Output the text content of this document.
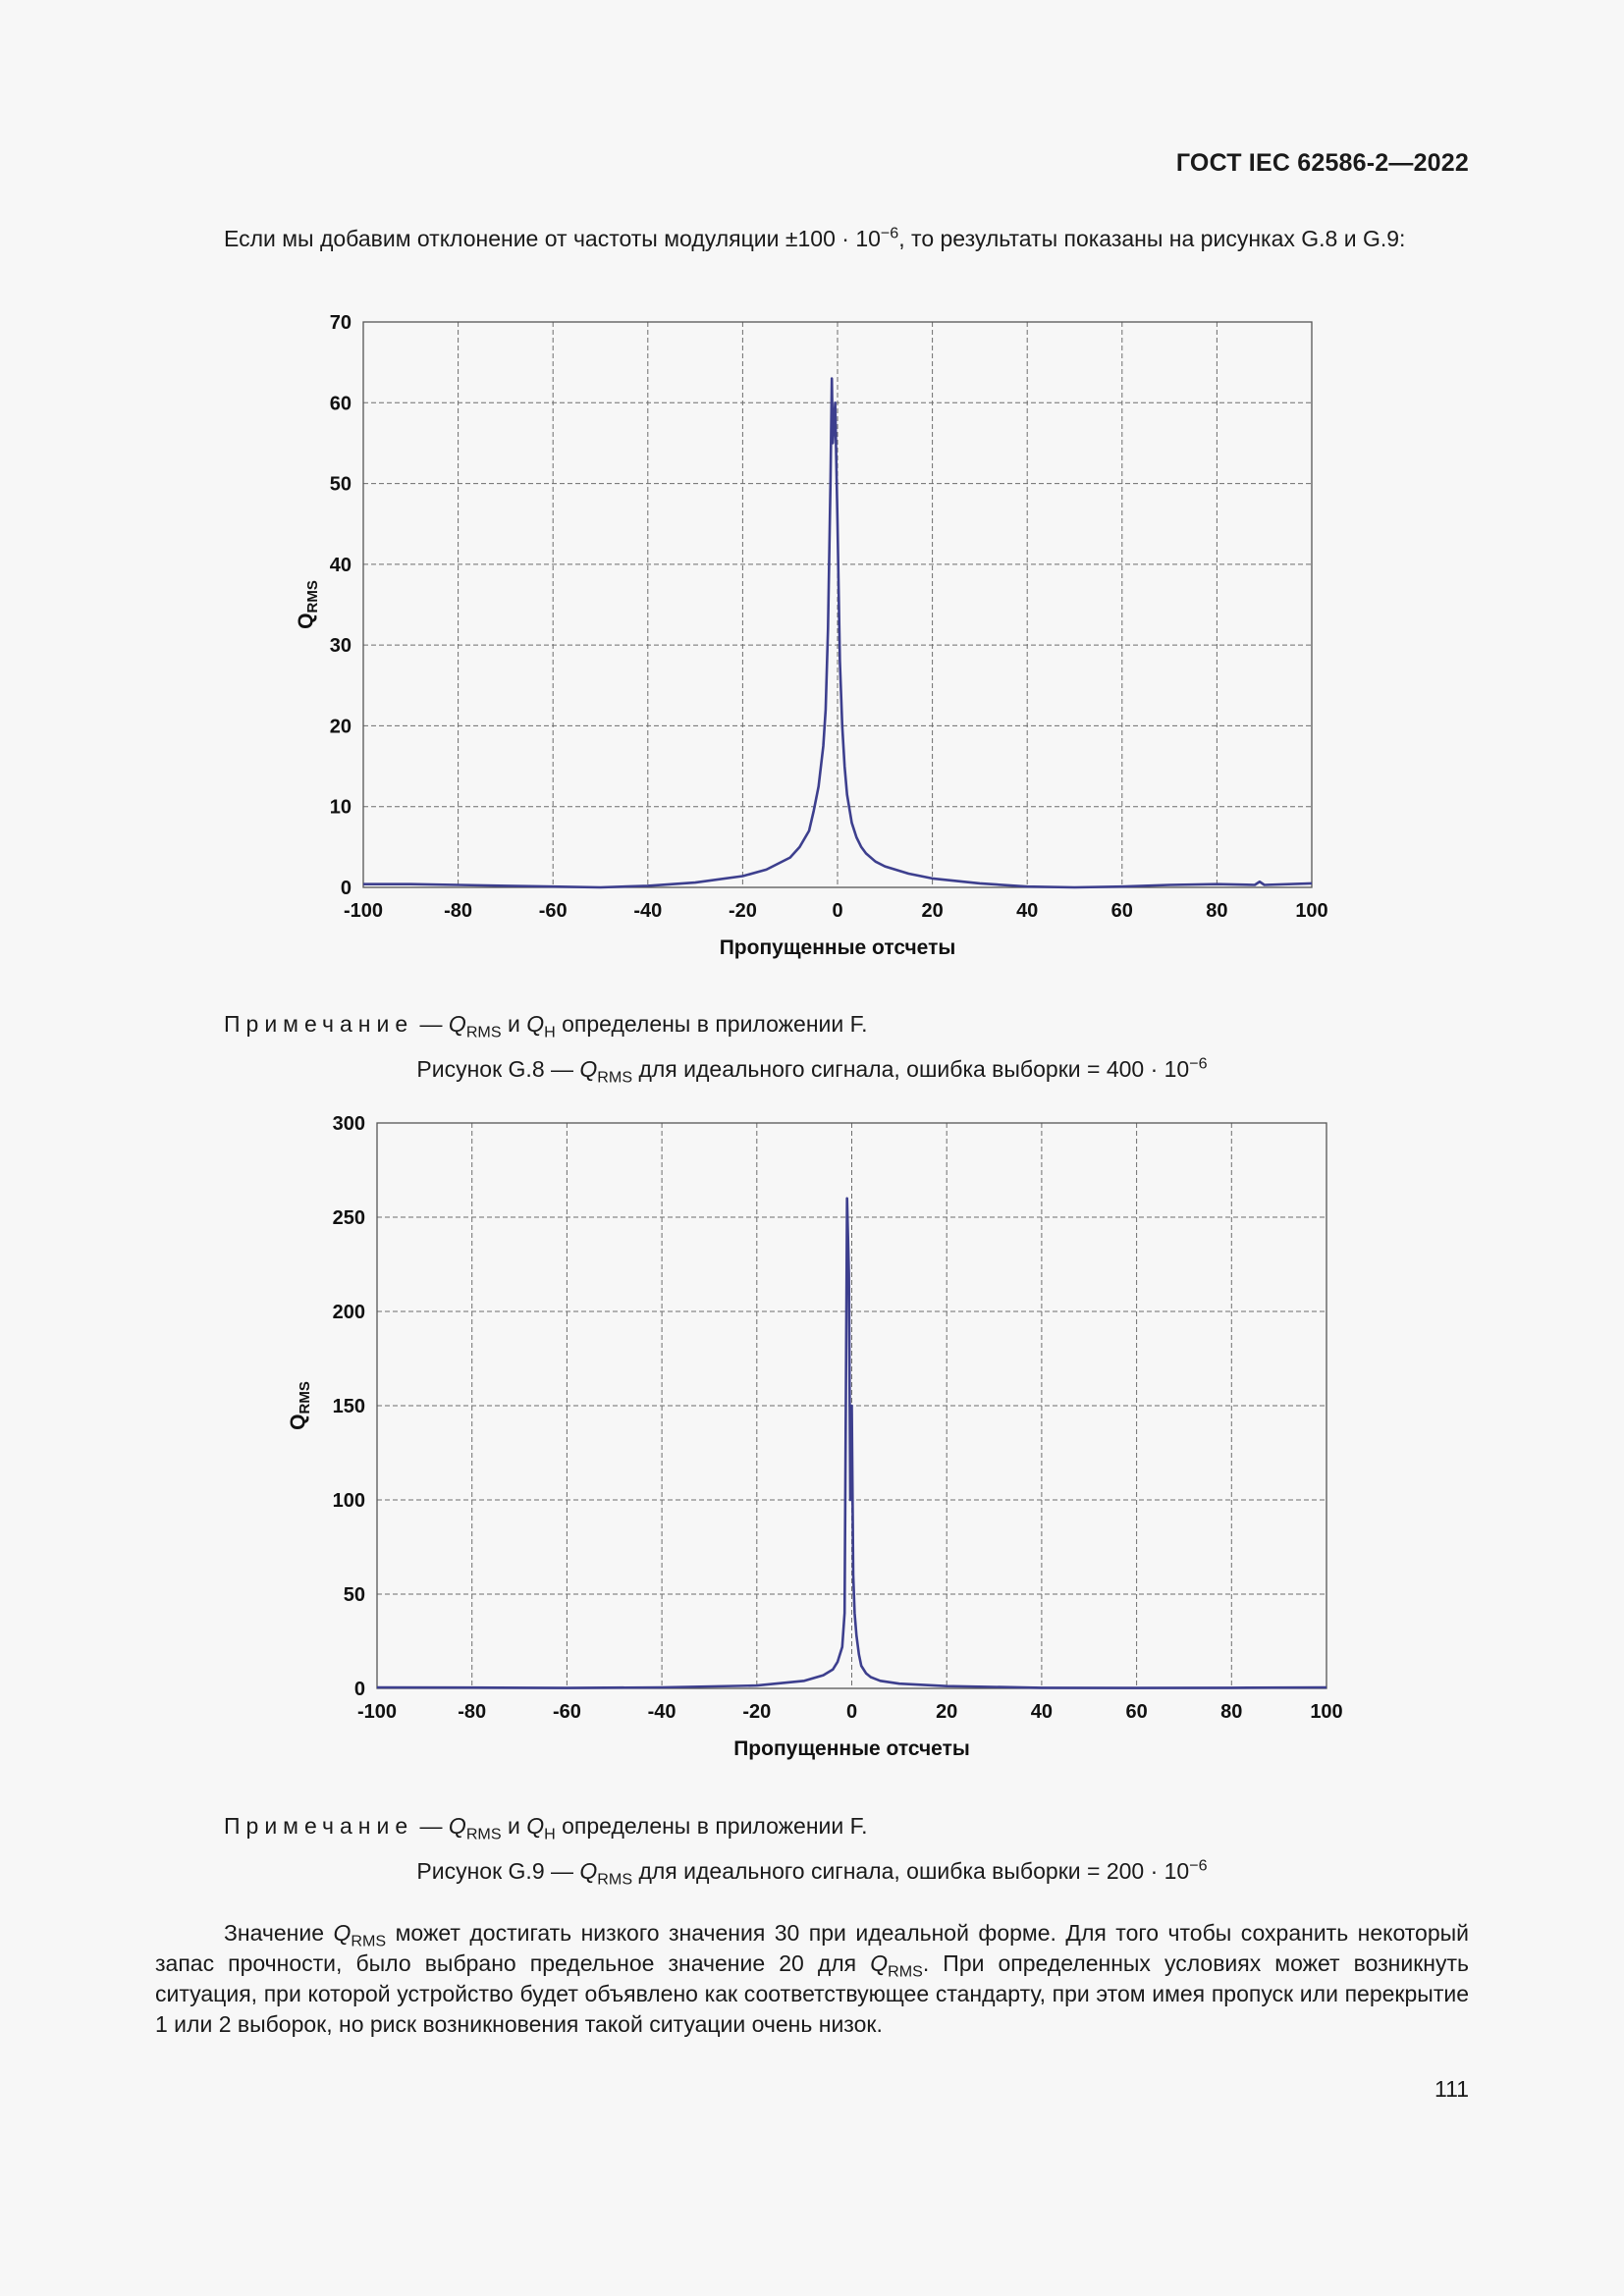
ГОСТ IEC 62586-2—2022
Если мы добавим отклонение от частоты модуляции $\pm 100 \cdot 10^{-6}$, то результаты показаны на рисунках G.8 и G.9:
-100	-80	-60	-40	-20	0	20	40	60	80	100
0
10
20
30
40
50
60
70
Пропущенные отсчеты
$Q_{RMS}$
Примечание — $Q_{RMS}$ и $Q_H$ определены в приложении F.
Рисунок G.8 — $Q_{RMS}$ для идеального сигнала, ошибка выборки = $400 \cdot 10^{-6}$
-100	-80	-60	-40	-20	0	20	40	60	80	100
0
50
100
150
200
250
300
Пропущенные отсчеты
$Q_{RMS}$
Примечание — $Q_{RMS}$ и $Q_H$ определены в приложении F.
Рисунок G.9 — $Q_{RMS}$ для идеального сигнала, ошибка выборки = $200 \cdot 10^{-6}$
Значение $Q_{RMS}$ может достигать низкого значения 30 при идеальной форме. Для того чтобы сохранить некоторый запас прочности, было выбрано предельное значение 20 для $Q_{RMS}$. При определенных условиях может возникнуть ситуация, при которой устройство будет объявлено как соответствующее стандарту, при этом имея пропуск или перекрытие 1 или 2 выборок, но риск возникновения такой ситуации очень низок.
111
